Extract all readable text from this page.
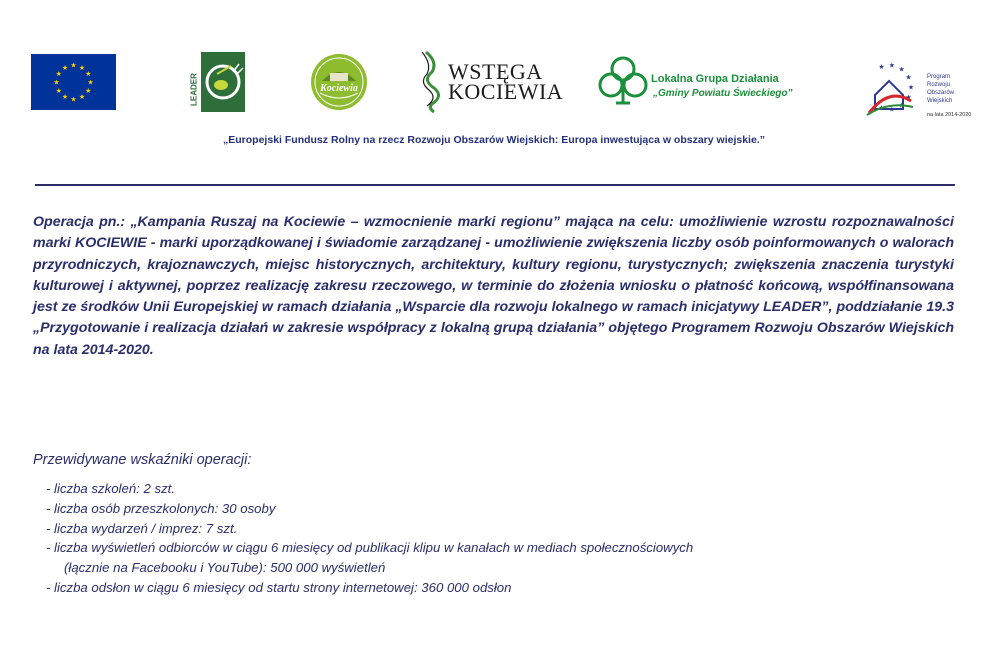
★ ★
★
★
★
★
★
★
★
★
★
★
LEADER	Kociewia
WSTĘGA
KOCIEWIA	Lokalna Grupa Działania
„Gminy Powiatu Świeckiego”
★ ★
★
★
★
★
★
★
★
Program
Rozwoju
Obszarów
Wiejskich
na lata 2014-2020
„Europejski Fundusz Rolny na rzecz Rozwoju Obszarów Wiejskich: Europa inwestująca w obszary wiejskie.”

Operacja pn.: „Kampania Ruszaj na Kociewie – wzmocnienie marki regionu” mająca na celu: umożliwienie wzrostu rozpoznawalności marki KOCIEWIE - marki uporządkowanej i świadomie zarządzanej - umożliwienie zwiększenia liczby osób poinformowanych o walorach przyrodniczych, krajoznawczych, miejsc historycznych, architektury, kultury regionu, turystycznych; zwiększenia znaczenia turystyki kulturowej i aktywnej, poprzez realizację zakresu rzeczowego, w terminie do złożenia wniosku o płatność końcową, współfinansowana jest ze środków Unii Europejskiej w ramach działania „Wsparcie dla rozwoju lokalnego w ramach inicjatywy LEADER”, poddziałanie 19.3 „Przygotowanie i realizacja działań w zakresie współpracy z lokalną grupą działania” objętego Programem Rozwoju Obszarów Wiejskich na lata 2014-2020.

Przewidywane wskaźniki operacji:
- liczba szkoleń: 2 szt.
- liczba osób przeszkolonych: 30 osoby
- liczba wydarzeń / imprez: 7 szt.
- liczba wyświetleń odbiorców w ciągu 6 miesięcy od publikacji klipu w kanałach w mediach społecznościowych
(łącznie na Facebooku i YouTube): 500 000 wyświetleń
- liczba odsłon w ciągu 6 miesięcy od startu strony internetowej: 360 000 odsłon
